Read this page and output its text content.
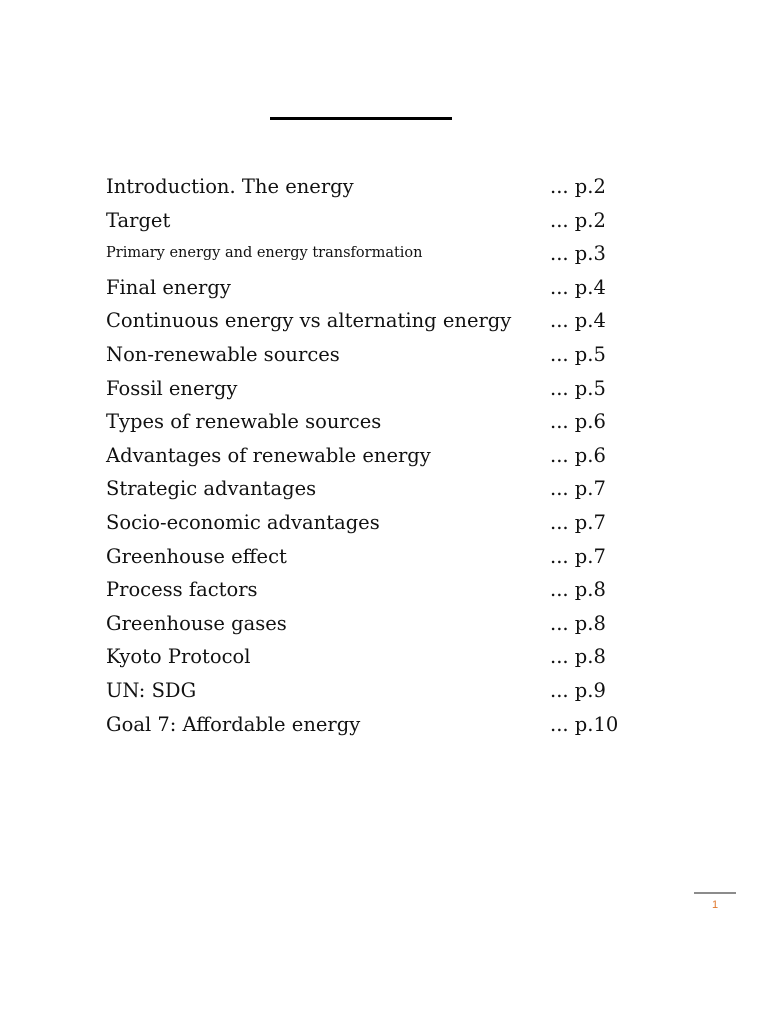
Introduction. The energy	... p.2
Target	... p.2
Primary energy and energy transformation	... p.3
Final energy	... p.4
Continuous energy vs alternating energy ... p.4
Non-renewable sources	... p.5
Fossil energy	... p.5
Types of renewable sources	... p.6
Advantages of renewable energy	... p.6
Strategic advantages	... p.7
Socio-economic advantages	... p.7
Greenhouse effect	... p.7
Process factors	... p.8
Greenhouse gases	... p.8
Kyoto Protocol	... p.8
UN: SDG	... p.9
Goal 7: Affordable energy	... p.10
1
